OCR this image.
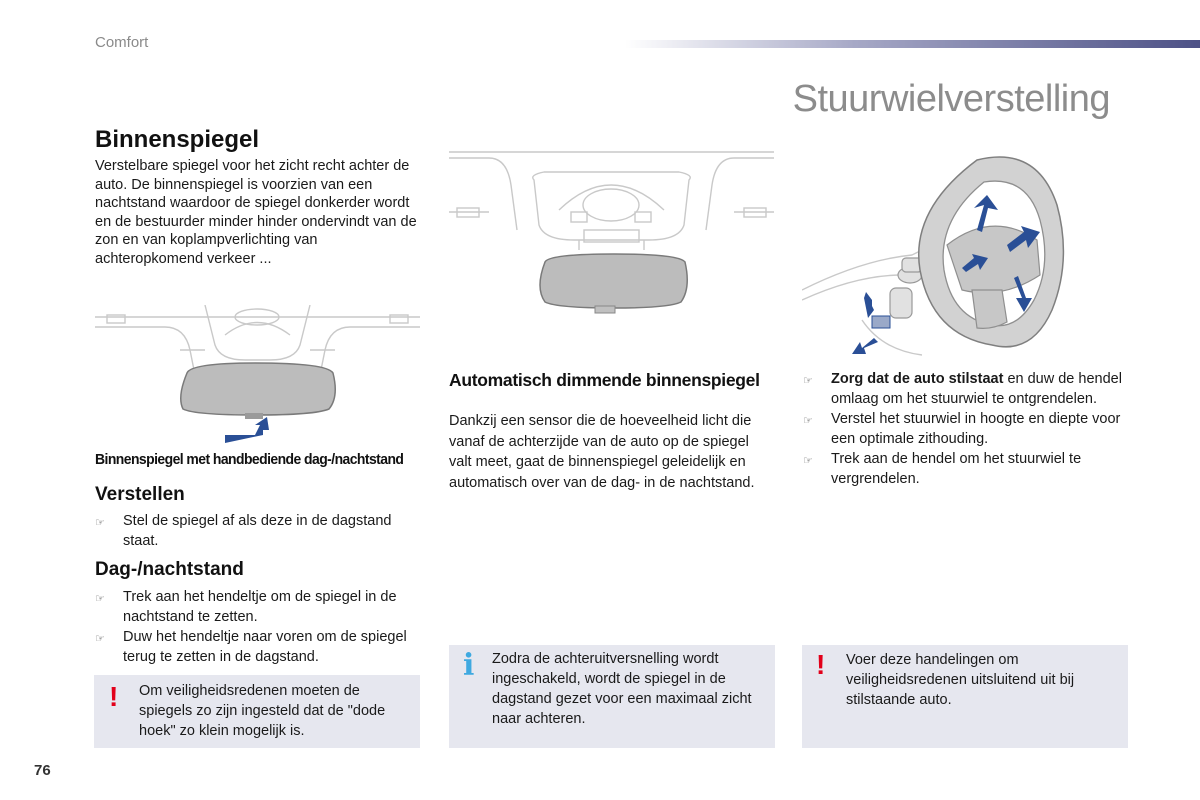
Comfort
Stuurwielverstelling
Binnenspiegel
Verstelbare spiegel voor het zicht recht achter de auto. De binnenspiegel is voorzien van een nachtstand waardoor de spiegel donkerder wordt en de bestuurder minder hinder ondervindt van de zon en van koplampverlichting van achteropkomend verkeer ...
Binnenspiegel met handbediende dag-/nachtstand
Verstellen
☞	Stel de spiegel af als deze in de dagstand staat.
Dag-/nachtstand
☞	Trek aan het hendeltje om de spiegel in de nachtstand te zetten.
☞	Duw het hendeltje naar voren om de spiegel terug te zetten in de dagstand.
! Om veiligheidsredenen moeten de spiegels zo zijn ingesteld dat de "dode hoek" zo klein mogelijk is.
Automatisch dimmende binnenspiegel
Dankzij een sensor die de hoeveelheid licht die vanaf de achterzijde van de auto op de spiegel valt meet, gaat de binnenspiegel geleidelijk en automatisch over van de dag- in de nachtstand.
i Zodra de achteruitversnelling wordt ingeschakeld, wordt de spiegel in de dagstand gezet voor een maximaal zicht naar achteren.
☞	Zorg dat de auto stilstaat en duw de hendel omlaag om het stuurwiel te ontgrendelen.
☞	Verstel het stuurwiel in hoogte en diepte voor een optimale zithouding.
☞	Trek aan de hendel om het stuurwiel te vergrendelen.
! Voer deze handelingen om veiligheidsredenen uitsluitend uit bij stilstaande auto.
76
